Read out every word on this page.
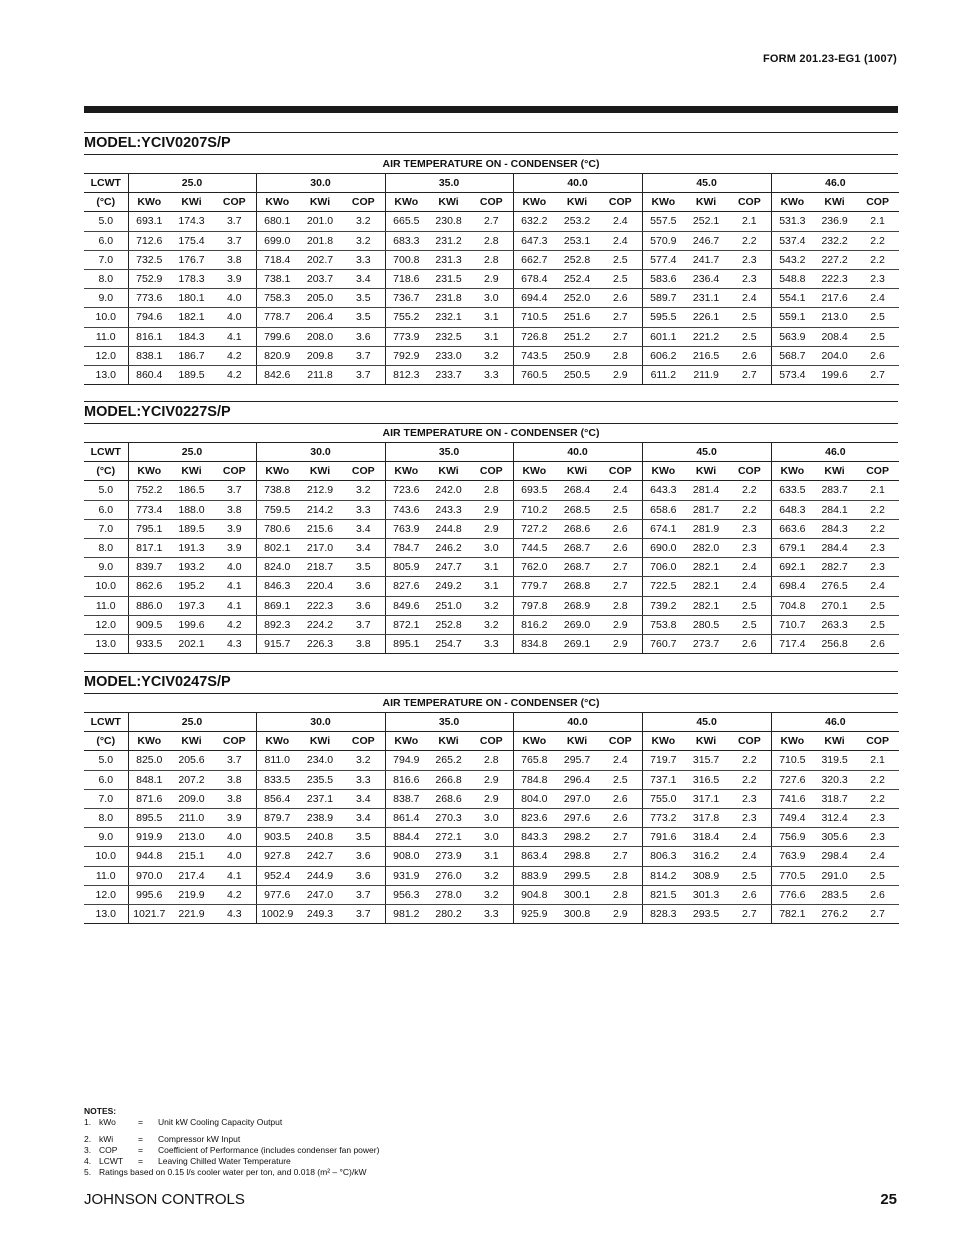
FORM 201.23-EG1 (1007)
MODEL:YCIV0207S/P
AIR TEMPERATURE ON - CONDENSER (°C)
LCWT	25.0			30.0			35.0			40.0			45.0			46.0		
(°C)	KWo	KWi	COP	KWo	KWi	COP	KWo	KWi	COP	KWo	KWi	COP	KWo	KWi	COP	KWo	KWi	COP
5.0	693.1	174.3	3.7	680.1	201.0	3.2	665.5	230.8	2.7	632.2	253.2	2.4	557.5	252.1	2.1	531.3	236.9	2.1
6.0	712.6	175.4	3.7	699.0	201.8	3.2	683.3	231.2	2.8	647.3	253.1	2.4	570.9	246.7	2.2	537.4	232.2	2.2
7.0	732.5	176.7	3.8	718.4	202.7	3.3	700.8	231.3	2.8	662.7	252.8	2.5	577.4	241.7	2.3	543.2	227.2	2.2
8.0	752.9	178.3	3.9	738.1	203.7	3.4	718.6	231.5	2.9	678.4	252.4	2.5	583.6	236.4	2.3	548.8	222.3	2.3
9.0	773.6	180.1	4.0	758.3	205.0	3.5	736.7	231.8	3.0	694.4	252.0	2.6	589.7	231.1	2.4	554.1	217.6	2.4
10.0	794.6	182.1	4.0	778.7	206.4	3.5	755.2	232.1	3.1	710.5	251.6	2.7	595.5	226.1	2.5	559.1	213.0	2.5
11.0	816.1	184.3	4.1	799.6	208.0	3.6	773.9	232.5	3.1	726.8	251.2	2.7	601.1	221.2	2.5	563.9	208.4	2.5
12.0	838.1	186.7	4.2	820.9	209.8	3.7	792.9	233.0	3.2	743.5	250.9	2.8	606.2	216.5	2.6	568.7	204.0	2.6
13.0	860.4	189.5	4.2	842.6	211.8	3.7	812.3	233.7	3.3	760.5	250.5	2.9	611.2	211.9	2.7	573.4	199.6	2.7
MODEL:YCIV0227S/P
AIR TEMPERATURE ON - CONDENSER (°C)
LCWT	25.0			30.0			35.0			40.0			45.0			46.0		
(°C)	KWo	KWi	COP	KWo	KWi	COP	KWo	KWi	COP	KWo	KWi	COP	KWo	KWi	COP	KWo	KWi	COP
5.0	752.2	186.5	3.7	738.8	212.9	3.2	723.6	242.0	2.8	693.5	268.4	2.4	643.3	281.4	2.2	633.5	283.7	2.1
6.0	773.4	188.0	3.8	759.5	214.2	3.3	743.6	243.3	2.9	710.2	268.5	2.5	658.6	281.7	2.2	648.3	284.1	2.2
7.0	795.1	189.5	3.9	780.6	215.6	3.4	763.9	244.8	2.9	727.2	268.6	2.6	674.1	281.9	2.3	663.6	284.3	2.2
8.0	817.1	191.3	3.9	802.1	217.0	3.4	784.7	246.2	3.0	744.5	268.7	2.6	690.0	282.0	2.3	679.1	284.4	2.3
9.0	839.7	193.2	4.0	824.0	218.7	3.5	805.9	247.7	3.1	762.0	268.7	2.7	706.0	282.1	2.4	692.1	282.7	2.3
10.0	862.6	195.2	4.1	846.3	220.4	3.6	827.6	249.2	3.1	779.7	268.8	2.7	722.5	282.1	2.4	698.4	276.5	2.4
11.0	886.0	197.3	4.1	869.1	222.3	3.6	849.6	251.0	3.2	797.8	268.9	2.8	739.2	282.1	2.5	704.8	270.1	2.5
12.0	909.5	199.6	4.2	892.3	224.2	3.7	872.1	252.8	3.2	816.2	269.0	2.9	753.8	280.5	2.5	710.7	263.3	2.5
13.0	933.5	202.1	4.3	915.7	226.3	3.8	895.1	254.7	3.3	834.8	269.1	2.9	760.7	273.7	2.6	717.4	256.8	2.6
MODEL:YCIV0247S/P
AIR TEMPERATURE ON - CONDENSER (°C)
LCWT	25.0			30.0			35.0			40.0			45.0			46.0		
(°C)	KWo	KWi	COP	KWo	KWi	COP	KWo	KWi	COP	KWo	KWi	COP	KWo	KWi	COP	KWo	KWi	COP
5.0	825.0	205.6	3.7	811.0	234.0	3.2	794.9	265.2	2.8	765.8	295.7	2.4	719.7	315.7	2.2	710.5	319.5	2.1
6.0	848.1	207.2	3.8	833.5	235.5	3.3	816.6	266.8	2.9	784.8	296.4	2.5	737.1	316.5	2.2	727.6	320.3	2.2
7.0	871.6	209.0	3.8	856.4	237.1	3.4	838.7	268.6	2.9	804.0	297.0	2.6	755.0	317.1	2.3	741.6	318.7	2.2
8.0	895.5	211.0	3.9	879.7	238.9	3.4	861.4	270.3	3.0	823.6	297.6	2.6	773.2	317.8	2.3	749.4	312.4	2.3
9.0	919.9	213.0	4.0	903.5	240.8	3.5	884.4	272.1	3.0	843.3	298.2	2.7	791.6	318.4	2.4	756.9	305.6	2.3
10.0	944.8	215.1	4.0	927.8	242.7	3.6	908.0	273.9	3.1	863.4	298.8	2.7	806.3	316.2	2.4	763.9	298.4	2.4
11.0	970.0	217.4	4.1	952.4	244.9	3.6	931.9	276.0	3.2	883.9	299.5	2.8	814.2	308.9	2.5	770.5	291.0	2.5
12.0	995.6	219.9	4.2	977.6	247.0	3.7	956.3	278.0	3.2	904.8	300.1	2.8	821.5	301.3	2.6	776.6	283.5	2.6
13.0	1021.7	221.9	4.3	1002.9	249.3	3.7	981.2	280.2	3.3	925.9	300.8	2.9	828.3	293.5	2.7	782.1	276.2	2.7
NOTES:
1. kWo	=	Unit kW Cooling Capacity Output
2. kWi	=	Compressor kW Input
3. COP	=	Coefficient of Performance (includes condenser fan power)
4. LCWT	=	Leaving Chilled Water Temperature
5. Ratings based on 0.15 l/s cooler water per ton, and 0.018 (m² – °C)/kW
JOHNSON CONTROLS	25
